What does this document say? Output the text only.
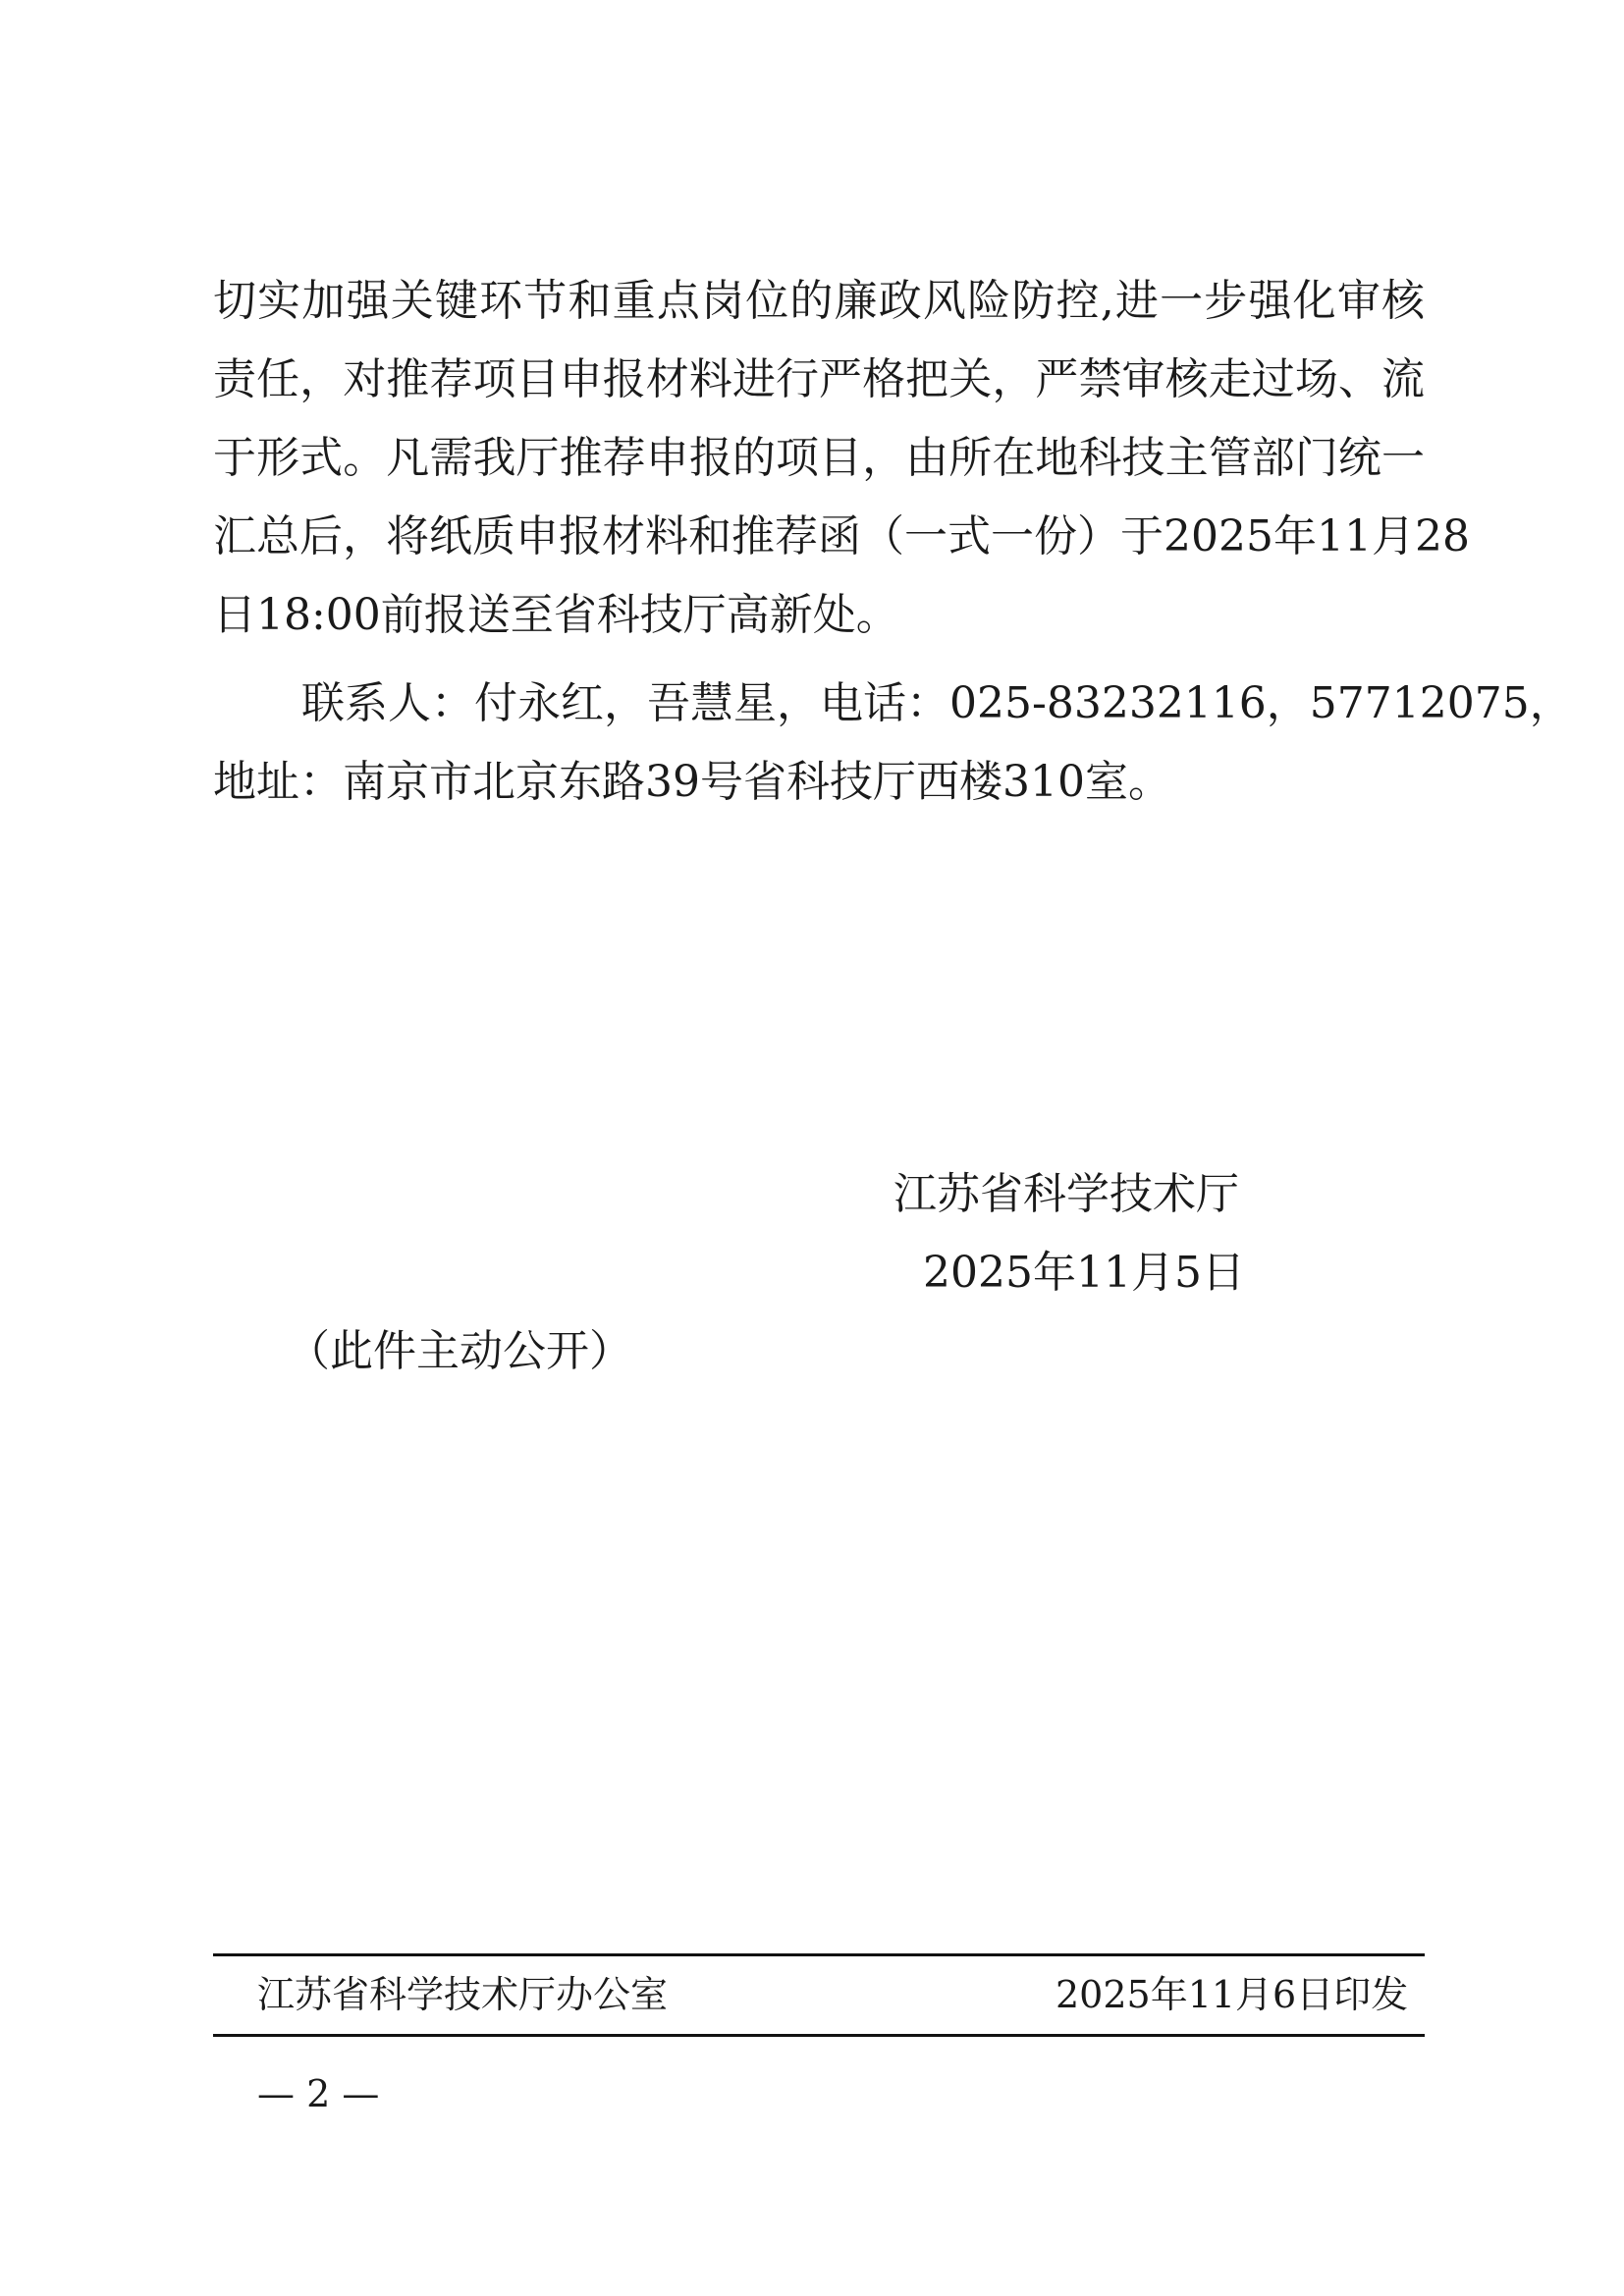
切实加强关键环节和重点岗位的廉政风险防控,进一步强化审核
责任，对推荐项目申报材料进行严格把关，严禁审核走过场、流
于形式。凡需我厅推荐申报的项目，由所在地科技主管部门统一
汇总后，将纸质申报材料和推荐函（一式一份）于2025年11月28
日18:00前报送至省科技厅高新处。
联系人：付永红，吾慧星，电话：025-83232116，57712075，
地址：南京市北京东路39号省科技厅西楼310室。
江苏省科学技术厅
2025年11月5日
（此件主动公开）
江苏省科学技术厅办公室	2025年11月6日印发
— 2 —
